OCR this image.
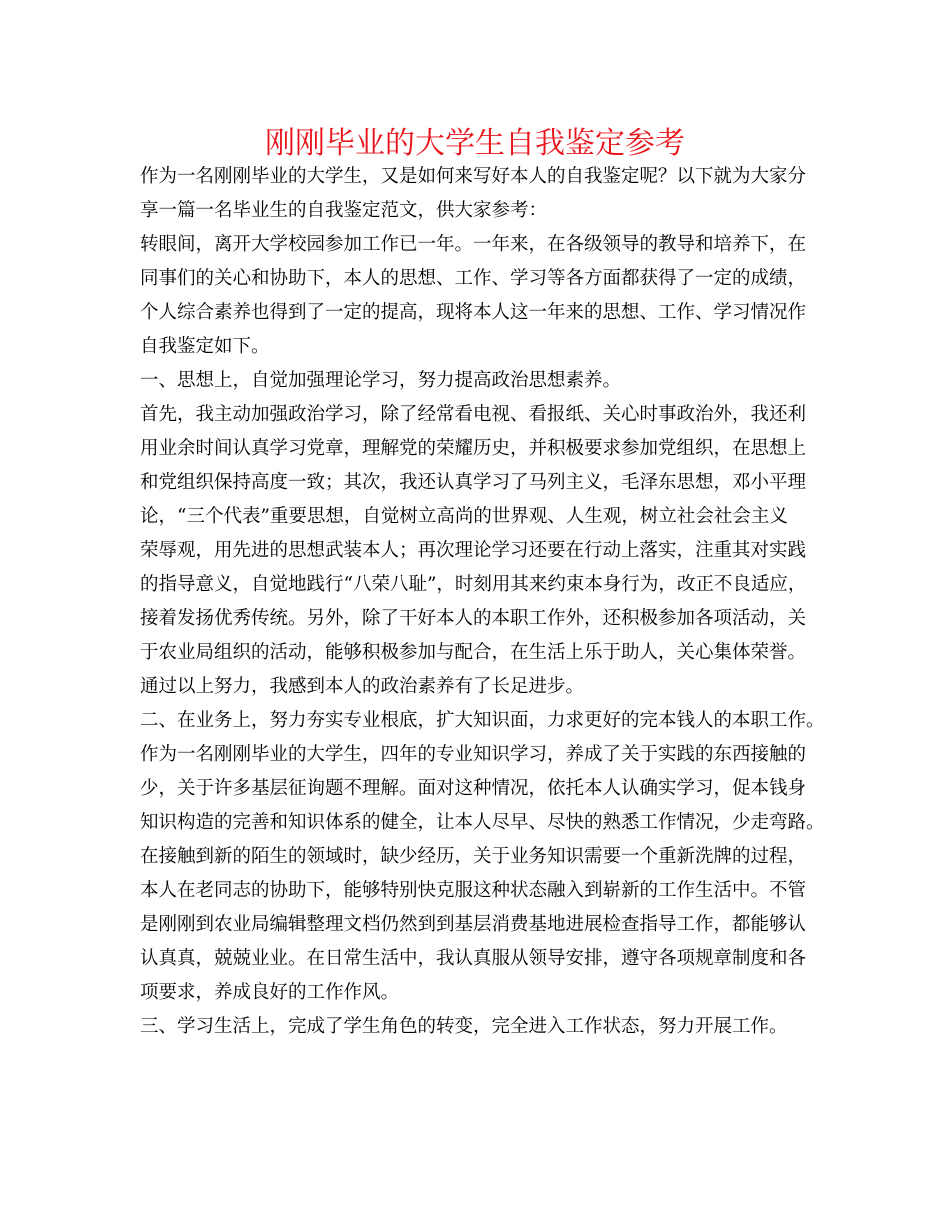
刚刚毕业的大学生自我鉴定参考
作为一名刚刚毕业的大学生，又是如何来写好本人的自我鉴定呢？以下就为大家分
享一篇一名毕业生的自我鉴定范文，供大家参考：
转眼间，离开大学校园参加工作已一年。一年来，在各级领导的教导和培养下，在
同事们的关心和协助下，本人的思想、工作、学习等各方面都获得了一定的成绩，
个人综合素养也得到了一定的提高，现将本人这一年来的思想、工作、学习情况作
自我鉴定如下。
一、思想上，自觉加强理论学习，努力提高政治思想素养。
首先，我主动加强政治学习，除了经常看电视、看报纸、关心时事政治外，我还利
用业余时间认真学习党章，理解党的荣耀历史，并积极要求参加党组织，在思想上
和党组织保持高度一致；其次，我还认真学习了马列主义，毛泽东思想，邓小平理
论，“三个代表”重要思想，自觉树立高尚的世界观、人生观，树立社会社会主义
荣辱观，用先进的思想武装本人；再次理论学习还要在行动上落实，注重其对实践
的指导意义，自觉地践行“八荣八耻”，时刻用其来约束本身行为，改正不良适应，
接着发扬优秀传统。另外，除了干好本人的本职工作外，还积极参加各项活动，关
于农业局组织的活动，能够积极参加与配合，在生活上乐于助人，关心集体荣誉。
通过以上努力，我感到本人的政治素养有了长足进步。
二、在业务上，努力夯实专业根底，扩大知识面，力求更好的完本钱人的本职工作。
作为一名刚刚毕业的大学生，四年的专业知识学习，养成了关于实践的东西接触的
少，关于许多基层征询题不理解。面对这种情况，依托本人认确实学习，促本钱身
知识构造的完善和知识体系的健全，让本人尽早、尽快的熟悉工作情况，少走弯路。
在接触到新的陌生的领域时，缺少经历，关于业务知识需要一个重新洗牌的过程，
本人在老同志的协助下，能够特别快克服这种状态融入到崭新的工作生活中。不管
是刚刚到农业局编辑整理文档仍然到到基层消费基地进展检查指导工作，都能够认
认真真，兢兢业业。在日常生活中，我认真服从领导安排，遵守各项规章制度和各
项要求，养成良好的工作作风。
三、学习生活上，完成了学生角色的转变，完全进入工作状态，努力开展工作。
